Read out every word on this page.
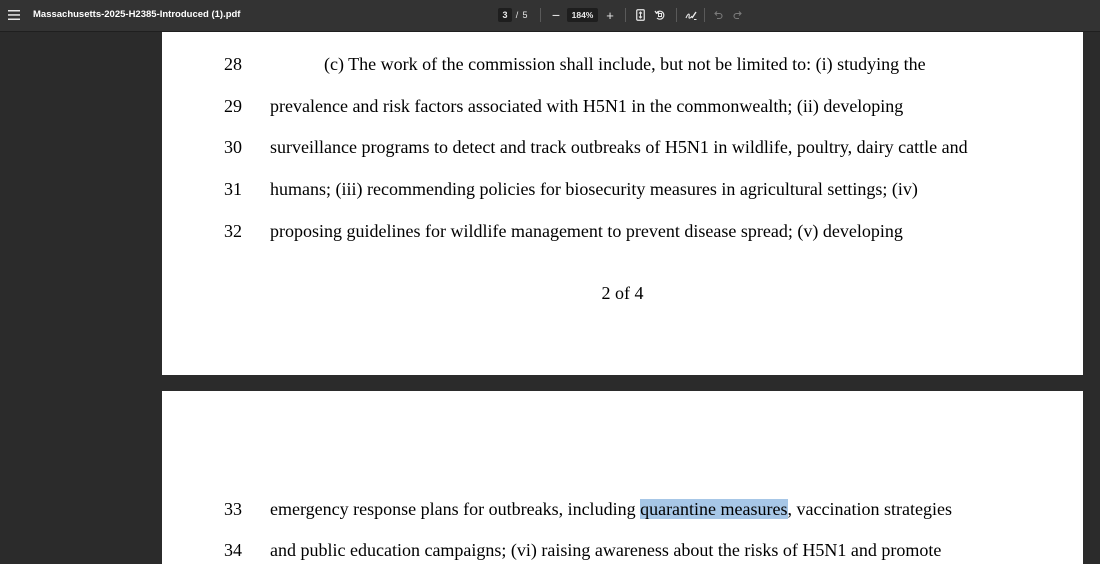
Massachusetts-2025-H2385-Introduced (1).pdf	3 / 5 −	184% +
28	(c) The work of the commission shall include, but not be limited to: (i) studying the
29 prevalence and risk factors associated with H5N1 in the commonwealth; (ii) developing
30 surveillance programs to detect and track outbreaks of H5N1 in wildlife, poultry, dairy cattle and
31 humans; (iii) recommending policies for biosecurity measures in agricultural settings; (iv)
32 proposing guidelines for wildlife management to prevent disease spread; (v) developing
2 of 4
33 emergency response plans for outbreaks, including quarantine measures, vaccination strategies
34 and public education campaigns; (vi) raising awareness about the risks of H5N1 and promote
